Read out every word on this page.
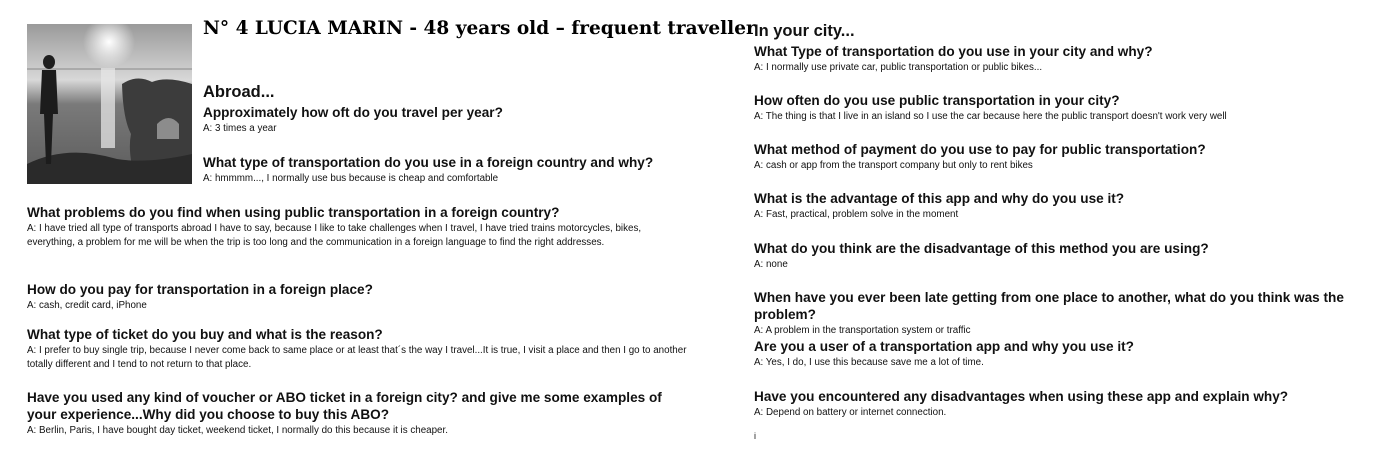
N° 4 LUCIA MARIN - 48 years old – frequent traveller
Abroad...
Approximately how oft do you travel per year?
A: 3 times a year
What type of transportation do you use in a foreign country and why?
A: hmmmm..., I normally use bus because is cheap and comfortable
What problems do you find when using public transportation in a foreign country?
A: I have tried all type of transports abroad I have to say, because I like to take challenges when I travel, I have tried trains motorcycles, bikes, everything, a problem for me will be when the trip is too long and the communication in a foreign language to find the right addresses.
How do you pay for transportation in a foreign place?
A: cash, credit card, iPhone
What type of ticket do you buy and what is the reason?
A: I prefer to buy single trip, because I never come back to same place or at least that´s the way I travel...It is true, I visit a place and then I go to another totally different and I tend to not return to that place.
Have you used any kind of voucher or ABO ticket in a foreign city? and give me some examples of your experience...Why did you choose to buy this ABO?
A: Berlin, Paris, I have bought day ticket, weekend ticket, I normally do this because it is cheaper.
In your city...
What Type of transportation do you use in your city and why?
A: I normally use private car, public transportation or public bikes...
How often do you use public transportation in your city?
A: The thing is that I live in an island so I use the car because here the public transport doesn't work very well
What method of payment do you use to pay for public transportation?
A: cash or app from the transport company but only to rent bikes
What is the advantage of this app and why do you use it?
A: Fast, practical, problem solve in the moment
What do you think are the disadvantage of this method you are using?
A: none
When have you ever been late getting from one place to another, what do you think was the problem?
A: A problem in the transportation system or traffic
Are you a user of a transportation app and why you use it?
A: Yes, I do, I use this because save me a lot of time.
Have you encountered any disadvantages when using these app and explain why?
A: Depend on battery or internet connection.
i
